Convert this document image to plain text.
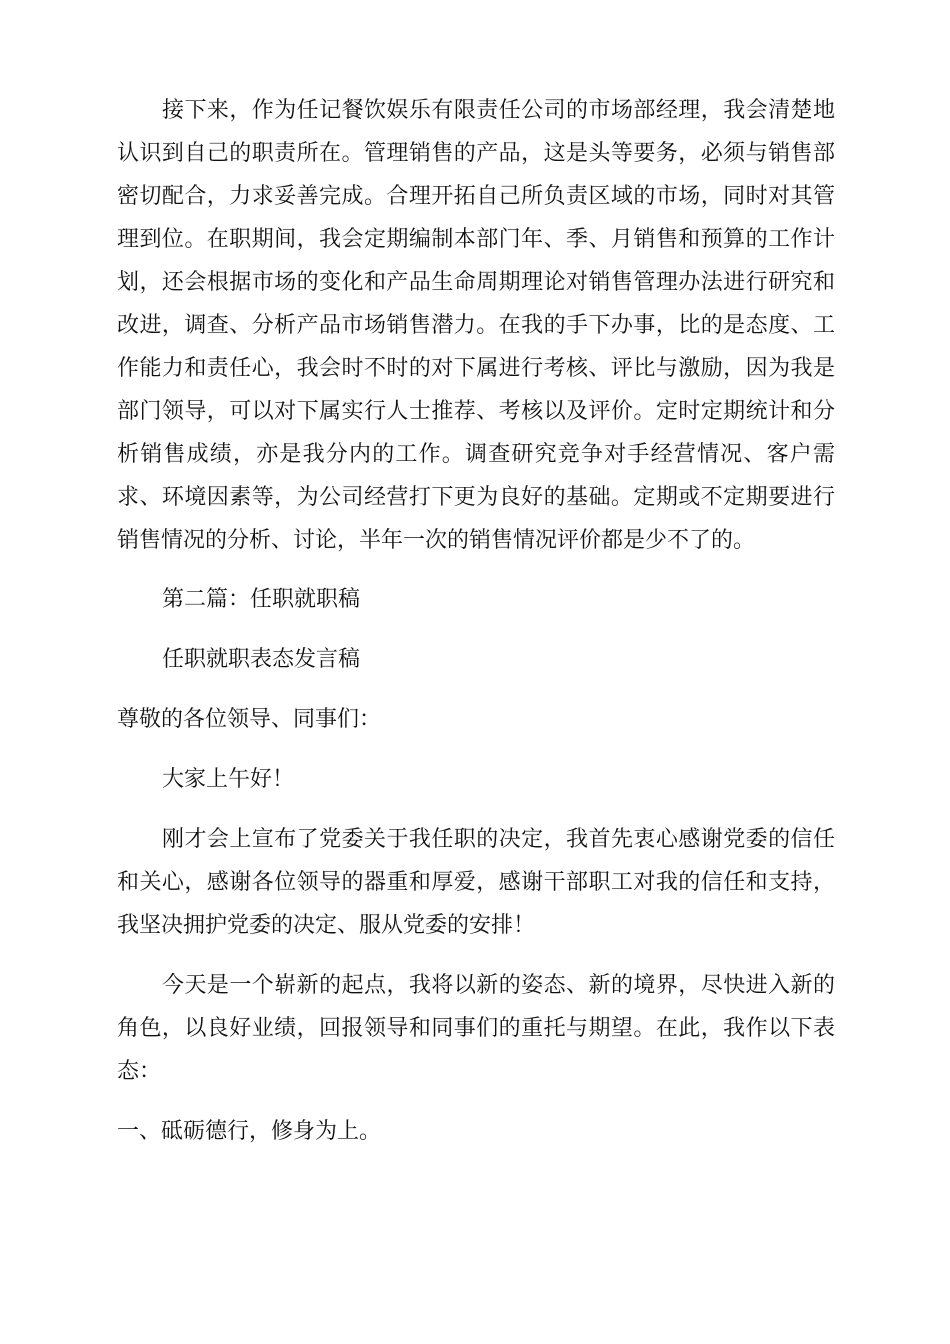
接下来，作为任记餐饮娱乐有限责任公司的市场部经理，我会清楚地认识到自己的职责所在。管理销售的产品，这是头等要务，必须与销售部密切配合，力求妥善完成。合理开拓自己所负责区域的市场，同时对其管理到位。在职期间，我会定期编制本部门年、季、月销售和预算的工作计划，还会根据市场的变化和产品生命周期理论对销售管理办法进行研究和改进，调查、分析产品市场销售潜力。在我的手下办事，比的是态度、工作能力和责任心，我会时不时的对下属进行考核、评比与激励，因为我是部门领导，可以对下属实行人士推荐、考核以及评价。定时定期统计和分析销售成绩，亦是我分内的工作。调查研究竞争对手经营情况、客户需求、环境因素等，为公司经营打下更为良好的基础。定期或不定期要进行销售情况的分析、讨论，半年一次的销售情况评价都是少不了的。

第二篇：任职就职稿

任职就职表态发言稿

尊敬的各位领导、同事们：

大家上午好！

刚才会上宣布了党委关于我任职的决定，我首先衷心感谢党委的信任和关心，感谢各位领导的器重和厚爱，感谢干部职工对我的信任和支持，我坚决拥护党委的决定、服从党委的安排！

今天是一个崭新的起点，我将以新的姿态、新的境界，尽快进入新的角色，以良好业绩，回报领导和同事们的重托与期望。在此，我作以下表态：

一、砥砺德行，修身为上。
